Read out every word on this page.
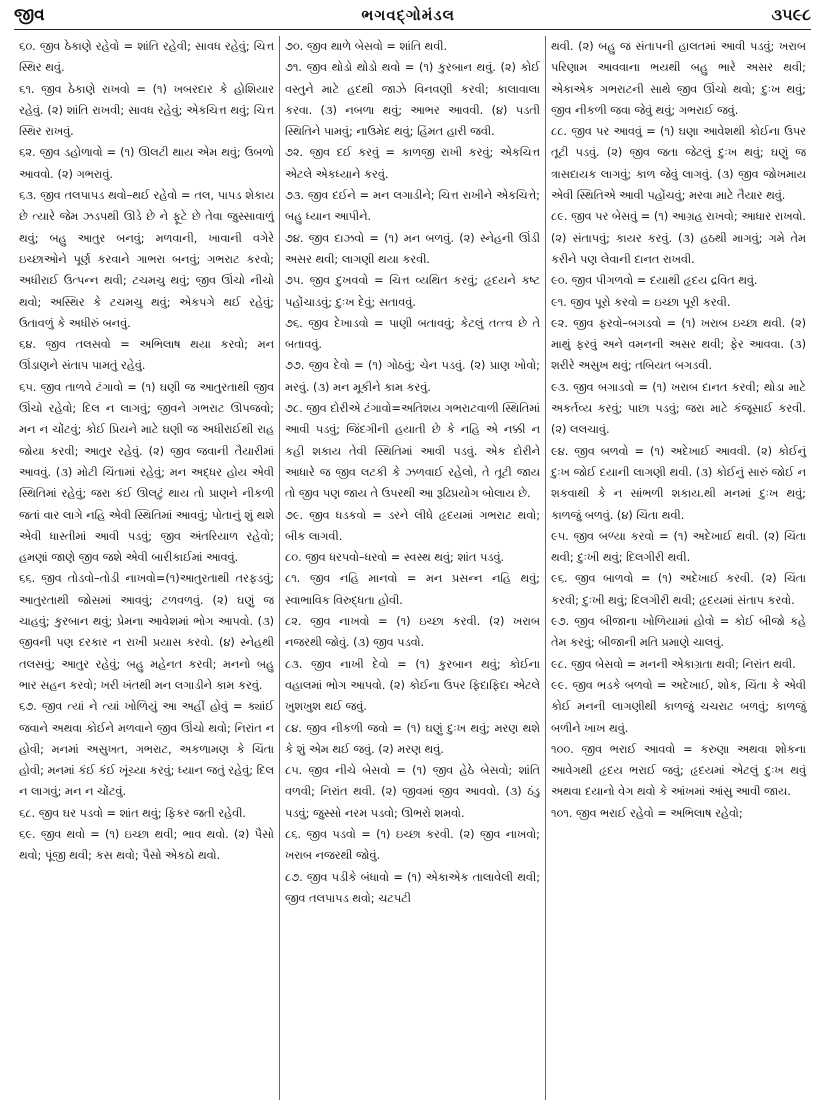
જીવ	ભગવદ્ગોમંડલ	૩૫૯૮

૬૦. જીવ ઠેકાણે રહેવો = શાંતિ રહેવી; સાવધ રહેવું; ચિત્ત સ્થિર થવું.

૬૧. જીવ ઠેકાણે રાખવો = (૧) ખબરદાર કે હોશિયાર રહેવું. (૨) શાંતિ રાખવી; સાવધ રહેવું; એકચિત્ત થવું; ચિત્ત સ્થિર રાખવું.

૬૨. જીવ ડહોળાવો = (૧) ઊલટી થાય એમ થવું; ઉબળો આવવો. (૨) ગભરાવું.

૬૩. જીવ તલપાપડ થવો–થઈ રહેવો = તલ, પાપડ શેકાય છે ત્યારે જેમ ઝડપથી ઊડે છે ને ફૂટે છે તેવા જુસ્સાવાળું થવું; બહુ આતુર બનવું; મળવાની, ખાવાની વગેરે ઇચ્છાઓને પૂર્ણ કરવાને ગાભરા બનવું; ગભરાટ કરવો; અધીરાઈ ઉત્પન્ન થવી; ટચમચુ થવું; જીવ ઊંચો નીચો થવો; અસ્થિર કે ટચમચુ થવું; એકપગે થઈ રહેવું; ઉતાવળું કે અધીરું બનવું.

૬૪. જીવ તલસવો = અભિલાષ થયા કરવો; મન ઊંડાણને સંતાપ પામતું રહેવું.

૬૫. જીવ તાળવે ટંગાવો = (૧) ઘણી જ આતુરતાથી જીવ ઊંચો રહેવો; દિલ ન લાગવું; જીવને ગભરાટ ઊપજવો; મન ન ચોંટવું; કોઈ પ્રિયને માટે ઘણી જ અધીરાઈથી રાહ જોયા કરવી; આતુર રહેવું. (૨) જીવ જવાની તૈયારીમાં આવવું. (૩) મોટી ચિંતામાં રહેવું; મન અદ્ધર હોય એવી સ્થિતિમાં રહેવું; જરા કંઈ ઊલટું થાય તો પ્રાણને નીકળી જતાં વાર લાગે નહિ એવી સ્થિતિમાં આવવું; પોતાનું શું થશે એવી ધાસ્તીમાં આવી પડવું; જીવ અંતરિયાળ રહેવો; હમણાં જાણે જીવ જશે એવી બારીકાઈમાં આવવું.

૬૬. જીવ તોડવો–તોડી નાખવો=(૧)આતુરતાથી તરફડવું; આતુરતાથી જોસમાં આવવું; ટળવળવું. (૨) ઘણું જ ચાહવું; કુરબાન થવું; પ્રેમના આવેશમાં ભોગ આપવો. (૩) જીવની પણ દરકાર ન રાખી પ્રયાસ કરવો. (૪) સ્નેહથી તલસવું; આતુર રહેવું; બહુ મહેનત કરવી; મનનો બહુ ભાર સહન કરવો; ખરી ખંતથી મન લગાડીને કામ કરવું.

૬૭. જીવ ત્યાં ને ત્યાં ખોળિયું આ અહીં હોવું = ક્યાંઈ જવાને અથવા કોઈને મળવાને જીવ ઊંચો થવો; નિરાંત ન હોવી; મનમાં અસુખત, ગભરાટ, અકળામણ કે ચિંતા હોવી; મનમાં કંઈ કંઈ ખૂંચ્યા કરવું; ધ્યાન જતું રહેવું; દિલ ન લાગવું; મન ન ચોંટવું.

૬૮. જીવ ઘર પડવો = શાંત થવું; ફિકર જતી રહેવી.

૬૯. જીવ થવો = (૧) ઇચ્છા થવી; ભાવ થવો. (૨) પૈસો થવો; પૂંજી થવી; કસ થવો; પૈસો એકઠો થવો.

૭૦. જીવ થાળે બેસવો = શાંતિ થવી.

૭૧. જીવ થોડો થોડો થવો = (૧) કુરબાન થવું. (૨) કોઈ વસ્તુને માટે હદથી જાઝે વિનવણી કરવી; કાલાવાલા કરવા. (૩) નબળા થવું; આભર આવવી. (૪) પડતી સ્થિતિને પામવું; નાઉમેદ થવું; હિંમત હારી જવી.

૭૨. જીવ દઈ કરવું = કાળજી રાખી કરવું; એકચિત્ત એટલે એકધ્યાને કરવું.

૭૩. જીવ દઈને = મન લગાડીને; ચિત્ત રાખીને એકચિત્તે; બહુ ધ્યાન આપીને.

૭૪. જીવ દાઝવો = (૧) મન બળવું. (૨) સ્નેહની ઊંડી અસર થવી; લાગણી થયા કરવી.

૭૫. જીવ દુખવવો = ચિત્ત વ્યથિત કરવું; હૃદયને કષ્ટ પહોંચાડવું; દુઃખ દેવું; સતાવવું.

૭૬. જીવ દેખાડવો = પાણી બતાવવું; કેટલું તત્ત્વ છે તે બતાવવું.

૭૭. જીવ દેવો = (૧) ગોઠવું; ચેન પડવું. (૨) પ્રાણ ખોવો; મરવું. (૩) મન મૂકીને કામ કરવું.

૭૮. જીવ દોરીએ ટંગાવો=અતિશય ગભરાટવાળી સ્થિતિમાં આવી પડવું; જિંદગીની હયાતી છે કે નહિ એ નક્કી ન કહી શકાય તેવી સ્થિતિમાં આવી પડવું. એક દોરીને આધારે જ જીવ લટકી કે ઝળવાઈ રહેલો, તે તૂટી જાય તો જીવ પણ જાય તે ઉપરથી આ રૂઢિપ્રયોગ બોલાય છે.

૭૯. જીવ ધડકવો = ડરને લીધે હૃદયમાં ગભરાટ થવો; બીક લાગવી.

૮૦. જીવ ધરપવો–ધરવો = સ્વસ્થ થવું; શાંત પડવું.

૮૧. જીવ નહિ માનવો = મન પ્રસન્ન નહિ થવું; સ્વાભાવિક વિરુદ્ધતા હોવી.

૮૨. જીવ નાખવો = (૧) ઇચ્છા કરવી. (૨) ખરાબ નજરથી જોવું. (૩) જીવ પડવો.

૮૩. જીવ નાખી દેવો = (૧) કુરબાન થવું; કોઈના વહાલમાં ભોગ આપવો. (૨) કોઈના ઉપર ફિદાફિદા એટલે ખુશખુશ થઈ જવું.

૮૪. જીવ નીકળી જવો = (૧) ઘણું દુઃખ થવું; મરણ થશે કે શું એમ થઈ જવું. (૨) મરણ થવું.

૮૫. જીવ નીચે બેસવો = (૧) જીવ હેઠે બેસવો; શાંતિ વળવી; નિરાંત થવી. (૨) જીવમાં જીવ આવવો. (૩) ઠંડુ પડવું; જુસ્સો નરમ પડવો; ઊભરો શમવો.

૮૬. જીવ પડવો = (૧) ઇચ્છા કરવી. (૨) જીવ નાખવો; ખરાબ નજરથી જોવું.

૮૭. જીવ પડીકે બંધાવો = (૧) એકાએક તાલાવેલી થવી; જીવ તલપાપડ થવો; ચટપટી

થવી. (૨) બહુ જ સંતાપની હાલતમાં આવી પડવું; ખરાબ પરિણામ આવવાના ભયથી બહુ ભારે અસર થવી; એકાએક ગભરાટની સાથે જીવ ઊંચો થવો; દુઃખ થવું; જીવ નીકળી જવા જેવું થવું; ગભરાઈ જવું.

૮૮. જીવ પર આવવું = (૧) ઘણા આવેશથી કોઈના ઉપર તૂટી પડવું. (૨) જીવ જતા જેટલું દુઃખ થવું; ઘણું જ ત્રાસદાયક લાગવું; કાળ જેવું લાગવું. (૩) જીવ જોખમાય એવી સ્થિતિએ આવી પહોંચવું; મરવા માટે તૈયાર થવું.

૮૯. જીવ પર બેસવું = (૧) આગ્રહ રાખવો; આધાર રાખવો. (૨) સંતાપવું; કાયર કરવું. (૩) હઠથી માગવું; ગમે તેમ કરીને પણ લેવાની દાનત રાખવી.

૯૦. જીવ પીગળવો = દયાથી હૃદય દ્રવિત થવું.

૯૧. જીવ પૂરો કરવો = ઇચ્છા પૂરી કરવી.

૯૨. જીવ ફરવો–બગડવો = (૧) ખરાબ ઇચ્છા થવી. (૨) માથું ફરવું અને વમનની અસર થવી; ફેર આવવા. (૩) શરીરે અસુખ થવું; તબિયત બગડવી.

૯૩. જીવ બગાડવો = (૧) ખરાબ દાનત કરવી; થોડા માટે અકર્તવ્ય કરવું; પાછા પડવું; જરા માટે કંજૂસાઈ કરવી. (૨) લલચાવું.

૯૪. જીવ બળવો = (૧) અદેખાઈ આવવી. (૨) કોઈનું દુઃખ જોઈ દયાની લાગણી થવી. (૩) કોઈનું સારું જોઈ ન શકવાથી કે ન સાંભળી શકાય.થી મનમાં દુઃખ થવું; કાળજું બળવું. (૪) ચિંતા થવી.

૯૫. જીવ બળ્યા કરવો = (૧) અદેખાઈ થવી. (૨) ચિંતા થવી; દુઃખી થવું; દિલગીરી થવી.

૯૬. જીવ બાળવો = (૧) અદેખાઈ કરવી. (૨) ચિંતા કરવી; દુઃખી થવું; દિલગીરી થવી; હૃદયમાં સંતાપ કરવો.

૯૭. જીવ બીજાના ખોળિયામાં હોવો = કોઈ બીજો કહે તેમ કરવું; બીજાની મતિ પ્રમાણે ચાલવું.

૯૮. જીવ બેસવો = મનની એકાગ્રતા થવી; નિરાંત થવી.

૯૯. જીવ ભડકે બળવો = અદેખાઈ, શોક, ચિંતા કે એવી કોઈ મનની લાગણીથી કાળજું ચચરાટ બળવું; કાળજું બળીને ખાખ થવું.

૧૦૦. જીવ ભરાઈ આવવો = કરુણા અથવા શોકના આવેગથી હૃદય ભરાઈ જવું; હૃદયમાં એટલું દુઃખ થવું અથવા દયાનો વેગ થવો કે આંખમાં આંસુ આવી જાય.

૧૦૧. જીવ ભરાઈ રહેવો = અભિલાષ રહેવો;
